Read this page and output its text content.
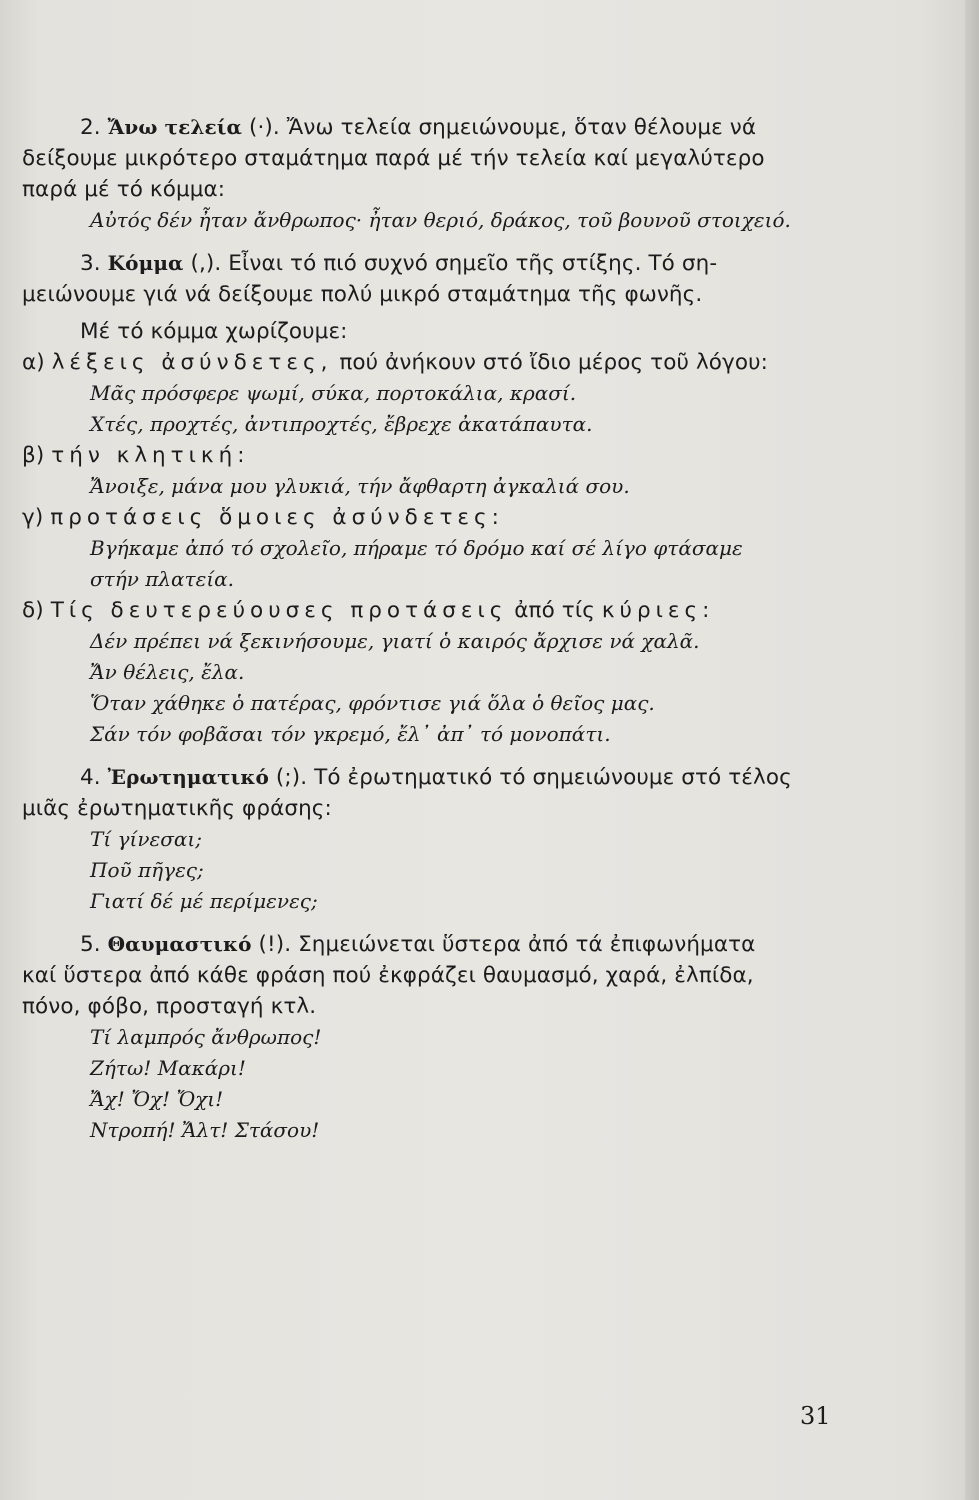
2. Ἄνω τελεία (·). Ἄνω τελεία σημειώνουμε, ὅταν θέλουμε νά
δείξουμε μικρότερο σταμάτημα παρά μέ τήν τελεία καί μεγαλύτερο
παρά μέ τό κόμμα:
Αὐτός δέν ἦταν ἄνθρωπος· ἦταν θεριό, δράκος, τοῦ βουνοῦ στοιχειό.
3. Κόμμα (,). Εἶναι τό πιό συχνό σημεῖο τῆς στίξης. Τό ση-
μειώνουμε γιά νά δείξουμε πολύ μικρό σταμάτημα τῆς φωνῆς.
Μέ τό κόμμα χωρίζουμε:
α) λέξεις ἀσύνδετες, πού ἀνήκουν στό ἴδιο μέρος τοῦ λόγου:
Μᾶς πρόσφερε ψωμί, σύκα, πορτοκάλια, κρασί.
Χτές, προχτές, ἀντιπροχτές, ἔβρεχε ἀκατάπαυτα.
β) τήν κλητική:
Ἄνοιξε, μάνα μου γλυκιά, τήν ἄφθαρτη ἀγκαλιά σου.
γ) προτάσεις ὅμοιες ἀσύνδετες:
Βγήκαμε ἀπό τό σχολεῖο, πήραμε τό δρόμο καί σέ λίγο φτάσαμε
στήν πλατεία.
δ) Τίς δευτερεύουσες προτάσεις ἀπό τίς κύριες:
Δέν πρέπει νά ξεκινήσουμε, γιατί ὁ καιρός ἄρχισε νά χαλᾶ.
Ἄν θέλεις, ἔλα.
Ὅταν χάθηκε ὁ πατέρας, φρόντισε γιά ὅλα ὁ θεῖος μας.
Σάν τόν φοβᾶσαι τόν γκρεμό, ἔλ᾽ ἀπ᾽ τό μονοπάτι.
4. Ἐρωτηματικό (;). Τό ἐρωτηματικό τό σημειώνουμε στό τέλος
μιᾶς ἐρωτηματικῆς φράσης:
Τί γίνεσαι;
Ποῦ πῆγες;
Γιατί δέ μέ περίμενες;
5. Θαυμαστικό (!). Σημειώνεται ὕστερα ἀπό τά ἐπιφωνήματα
καί ὕστερα ἀπό κάθε φράση πού ἐκφράζει θαυμασμό, χαρά, ἐλπίδα,
πόνο, φόβο, προσταγή κτλ.
Τί λαμπρός ἄνθρωπος!
Ζήτω! Μακάρι!
Ἄχ! Ὄχ! Ὄχι!
Ντροπή! Ἄλτ! Στάσου!
31
